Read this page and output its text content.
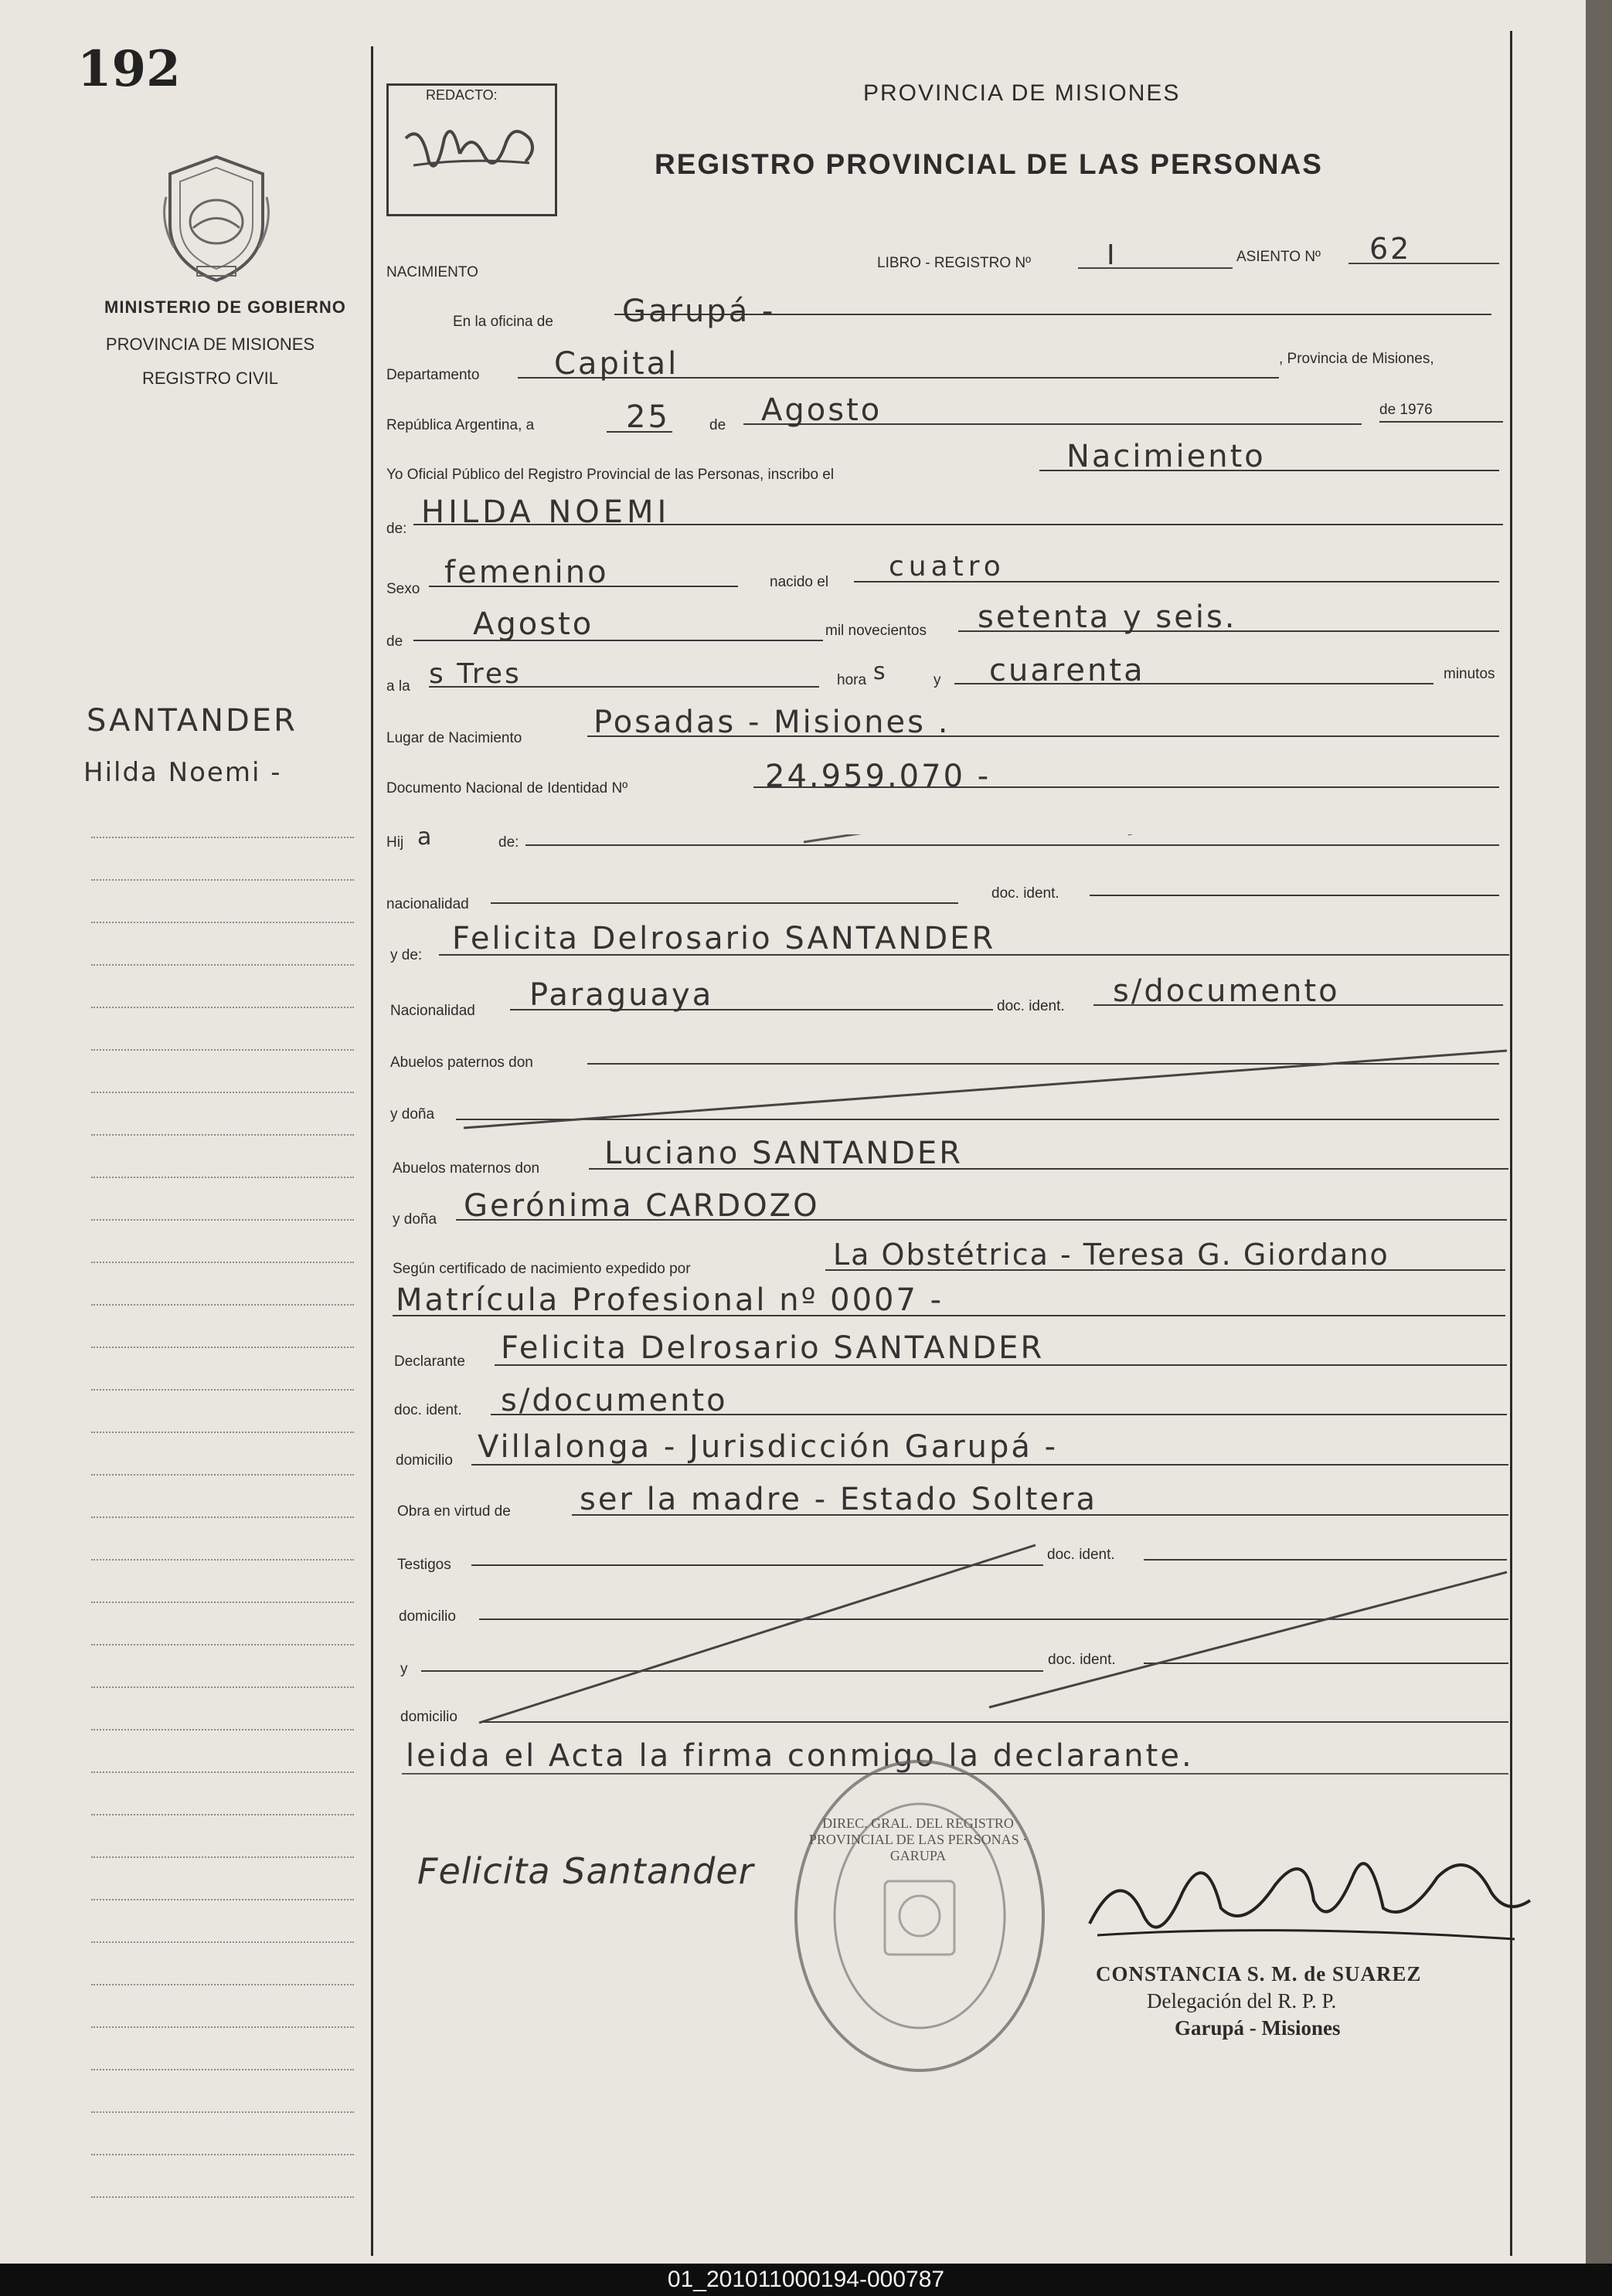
192
MINISTERIO DE GOBIERNO
PROVINCIA DE MISIONES
REGISTRO CIVIL
SANTANDER
Hilda Noemi -
REDACTO:	PROVINCIA DE MISIONES
REGISTRO PROVINCIAL DE LAS PERSONAS
NACIMIENTO
LIBRO - REGISTRO Nº	I	ASIENTO Nº 62
En la oficina de Garupá -
Departamento Capital	, Provincia de Misiones,
República Argentina, a	25	de Agosto	de 1976
Yo Oficial Público del Registro Provincial de las Personas, inscribo el
Nacimiento
de: HILDA NOEMI
Sexo femenino	nacido el cuatro
de Agosto	mil novecientos setenta y seis.
a la s Tres	hora s	y cuarenta	minutos
Lugar de Nacimiento Posadas - Misiones .
Documento Nacional de Identidad Nº	24.959.070 -
Hij a	de:
nacionalidad
doc. ident.
y de: Felicita Delrosario SANTANDER
Nacionalidad Paraguaya	doc. ident. s/documento
Abuelos paternos don
y doña
Abuelos maternos don Luciano SANTANDER
y doña Gerónima CARDOZO
Según certificado de nacimiento expedido por	La Obstétrica - Teresa G. Giordano
Matrícula Profesional nº 0007 -
Declarante Felicita Delrosario SANTANDER
doc. ident. s/documento
domicilio Villalonga - Jurisdicción Garupá -
Obra en virtud de ser la madre - Estado Soltera
Testigos
doc. ident.
domicilio
y
doc. ident.
domicilio
leida el Acta la firma conmigo la declarante.
Felicita Santander
DIREC. GRAL. DEL REGISTRO PROVINCIAL DE LAS PERSONAS · GARUPA
CONSTANCIA S. M. de SUAREZ
Delegación del R. P. P.
Garupá - Misiones
01_201011000194-000787
